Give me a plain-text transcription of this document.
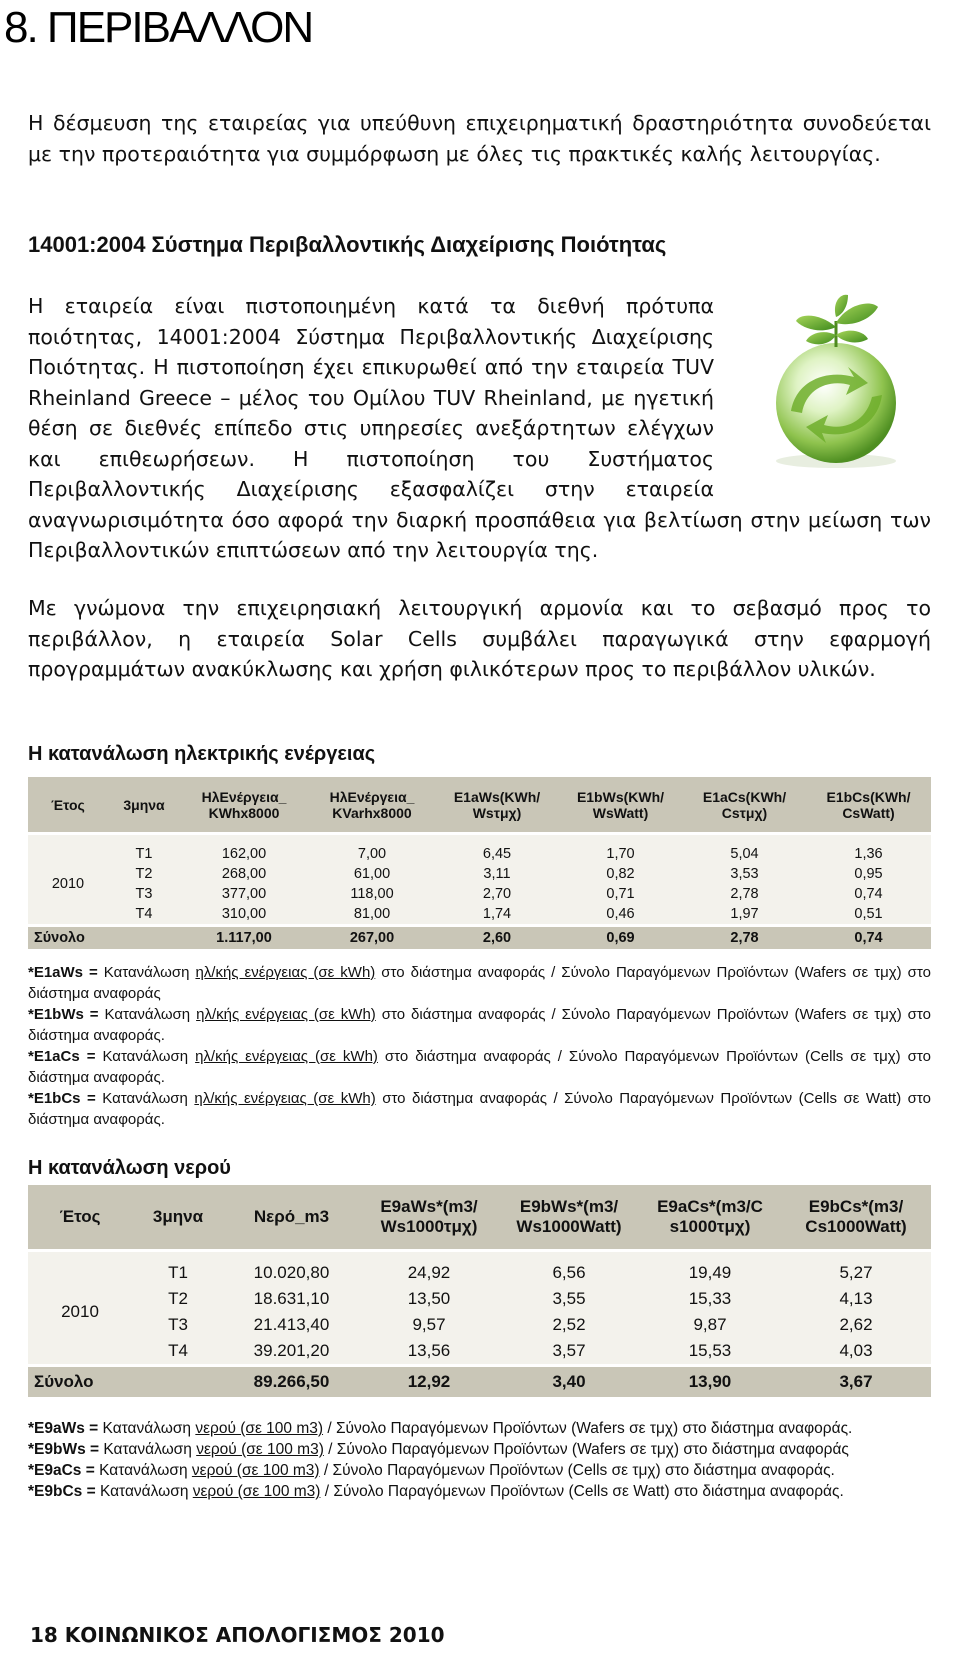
8. ΠΕΡΙΒΑΛΛΟΝ

Η δέσμευση της εταιρείας για υπεύθυνη επιχειρηματική δραστηριότητα συνοδεύεται με την προτεραιότητα για συμμόρφωση με όλες τις πρακτικές καλής λειτουργίας.

14001:2004 Σύστημα Περιβαλλοντικής Διαχείρισης Ποιότητας

Η εταιρεία είναι πιστοποιημένη κατά τα διεθνή πρότυπα ποιότητας, 14001:2004 Σύστημα Περιβαλλοντικής Διαχείρισης Ποιότητας. Η πιστοποίηση έχει επικυρωθεί από την εταιρεία TUV Rheinland Greece – μέλος του Ομίλου TUV Rheinland, με ηγετική θέση σε διεθνές επίπεδο στις υπηρεσίες ανεξάρτητων ελέγχων και επιθεωρήσεων. Η πιστοποίηση του Συστήματος Περιβαλλοντικής Διαχείρισης εξασφαλίζει στην εταιρεία αναγνωρισιμότητα όσο αφορά την διαρκή προσπάθεια για βελτίωση στην μείωση των Περιβαλλοντικών επιπτώσεων από την λειτουργία της.

Με γνώμονα την επιχειρησιακή λειτουργική αρμονία και το σεβασμό προς το περιβάλλον, η εταιρεία Solar Cells συμβάλει παραγωγικά στην εφαρμογή προγραμμάτων ανακύκλωσης και χρήση φιλικότερων προς το περιβάλλον υλικών.

Η κατανάλωση ηλεκτρικής ενέργειας
Έτος	3μηνα	ΗλΕνέργεια_ KWhx8000	ΗλΕνέργεια_ KVarhx8000	E1aWs(KWh/ Wsτμχ)	E1bWs(KWh/ WsWatt)	E1aCs(KWh/ Csτμχ)	E1bCs(KWh/ CsWatt)
2010	Τ1	162,00	7,00	6,45	1,70	5,04	1,36
	Τ2	268,00	61,00	3,11	0,82	3,53	0,95
	Τ3	377,00	118,00	2,70	0,71	2,78	0,74
	Τ4	310,00	81,00	1,74	0,46	1,97	0,51
Σύνολο		1.117,00	267,00	2,60	0,69	2,78	0,74

*E1aWs = Κατανάλωση ηλ/κής ενέργειας (σε kWh) στο διάστημα αναφοράς / Σύνολο Παραγόμενων Προϊόντων (Wafers σε τμχ) στο διάστημα αναφοράς

*E1bWs = Κατανάλωση ηλ/κής ενέργειας (σε kWh) στο διάστημα αναφοράς / Σύνολο Παραγόμενων Προϊόντων (Wafers σε τμχ) στο διάστημα αναφοράς.

*E1aCs = Κατανάλωση ηλ/κής ενέργειας (σε kWh) στο διάστημα αναφοράς / Σύνολο Παραγόμενων Προϊόντων (Cells σε τμχ) στο διάστημα αναφοράς.

*E1bCs = Κατανάλωση ηλ/κής ενέργειας (σε kWh) στο διάστημα αναφοράς / Σύνολο Παραγόμενων Προϊόντων (Cells σε Watt) στο διάστημα αναφοράς.

Η κατανάλωση νερού
Έτος	3μηνα	Νερό_m3	E9aWs*(m3/ Ws1000τμχ)	E9bWs*(m3/ Ws1000Watt)	E9aCs*(m3/C s1000τμχ)	E9bCs*(m3/ Cs1000Watt)
2010	Τ1	10.020,80	24,92	6,56	19,49	5,27
	Τ2	18.631,10	13,50	3,55	15,33	4,13
	Τ3	21.413,40	9,57	2,52	9,87	2,62
	Τ4	39.201,20	13,56	3,57	15,53	4,03
Σύνολο		89.266,50	12,92	3,40	13,90	3,67

*E9aWs = Κατανάλωση νερού (σε 100 m3) / Σύνολο Παραγόμενων Προϊόντων (Wafers σε τμχ) στο διάστημα αναφοράς.

*E9bWs = Κατανάλωση νερού (σε 100 m3) / Σύνολο Παραγόμενων Προϊόντων (Wafers σε τμχ) στο διάστημα αναφοράς

*E9aCs = Κατανάλωση νερού (σε 100 m3) / Σύνολο Παραγόμενων Προϊόντων (Cells σε τμχ) στο διάστημα αναφοράς.

*E9bCs = Κατανάλωση νερού (σε 100 m3) / Σύνολο Παραγόμενων Προϊόντων (Cells σε Watt) στο διάστημα αναφοράς.

18 ΚΟΙΝΩΝΙΚΟΣ ΑΠΟΛΟΓΙΣΜΟΣ 2010
